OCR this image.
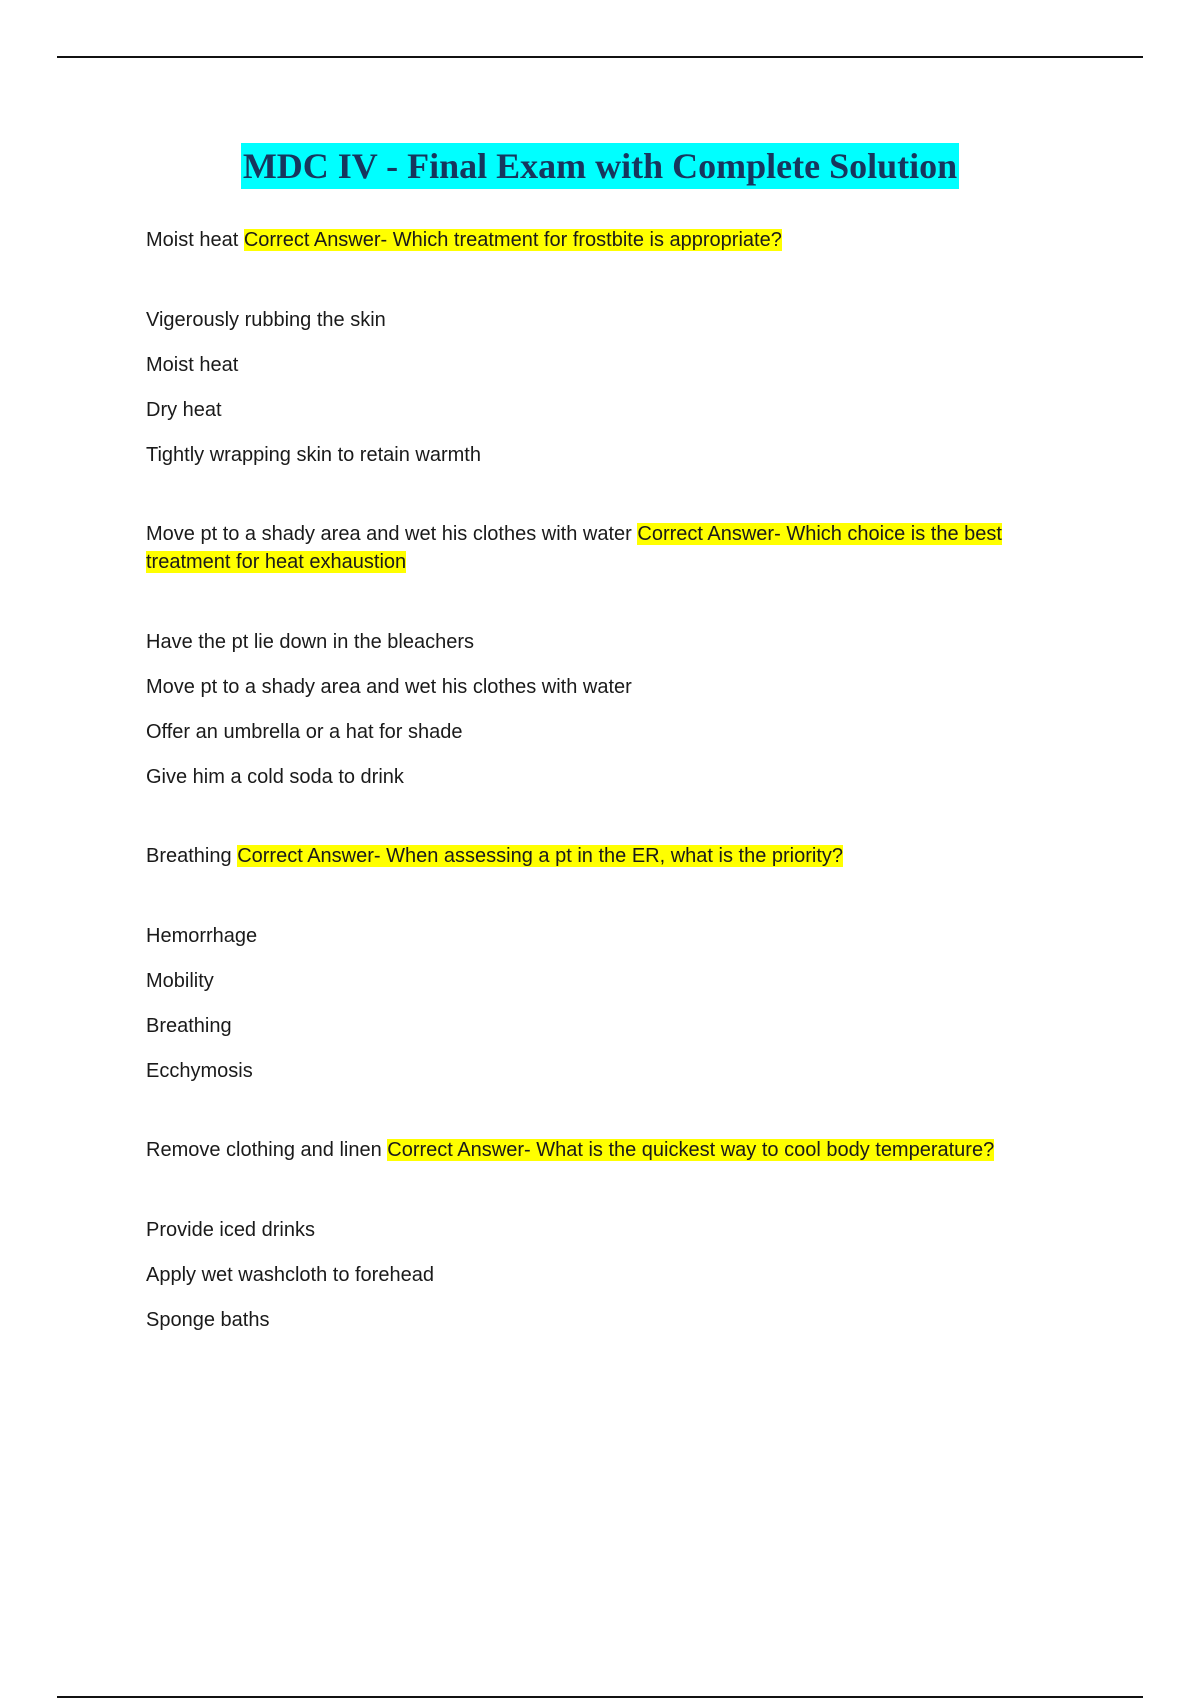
MDC IV - Final Exam with Complete Solution

Moist heat Correct Answer- Which treatment for frostbite is appropriate?

Vigerously rubbing the skin
Moist heat
Dry heat
Tightly wrapping skin to retain warmth

Move pt to a shady area and wet his clothes with water Correct Answer- Which choice is the best treatment for heat exhaustion

Have the pt lie down in the bleachers
Move pt to a shady area and wet his clothes with water
Offer an umbrella or a hat for shade
Give him a cold soda to drink

Breathing Correct Answer- When assessing a pt in the ER, what is the priority?

Hemorrhage
Mobility
Breathing
Ecchymosis

Remove clothing and linen Correct Answer- What is the quickest way to cool body temperature?

Provide iced drinks
Apply wet washcloth to forehead
Sponge baths
